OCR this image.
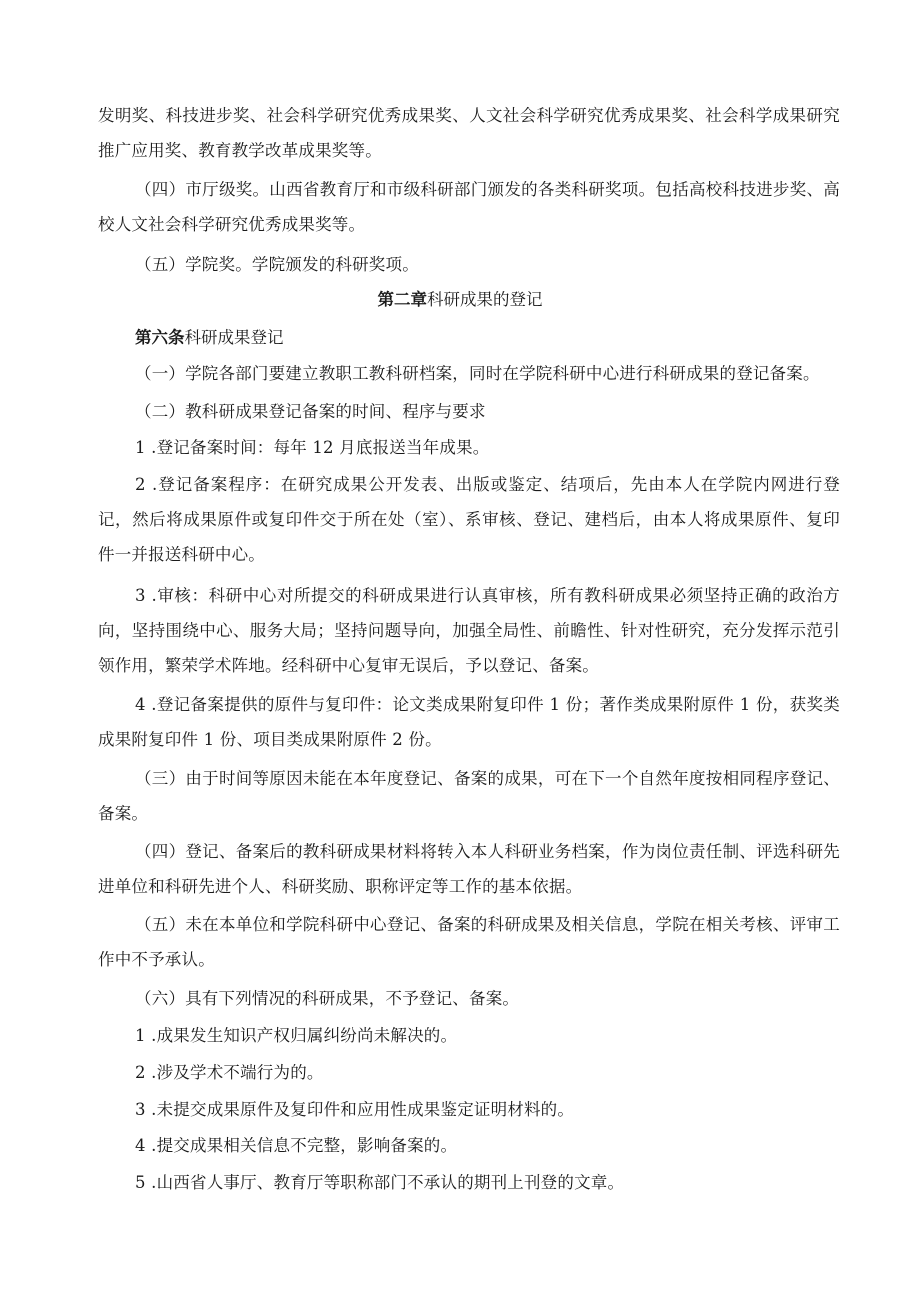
发明奖、科技进步奖、社会科学研究优秀成果奖、人文社会科学研究优秀成果奖、社会科学成果研究推广应用奖、教育教学改革成果奖等。

（四）市厅级奖。山西省教育厅和市级科研部门颁发的各类科研奖项。包括高校科技进步奖、高校人文社会科学研究优秀成果奖等。

（五）学院奖。学院颁发的科研奖项。

第二章科研成果的登记

第六条科研成果登记

（一）学院各部门要建立教职工教科研档案，同时在学院科研中心进行科研成果的登记备案。

（二）教科研成果登记备案的时间、程序与要求

1 .登记备案时间：每年 12 月底报送当年成果。

2 .登记备案程序：在研究成果公开发表、出版或鉴定、结项后，先由本人在学院内网进行登记，然后将成果原件或复印件交于所在处（室）、系审核、登记、建档后，由本人将成果原件、复印件一并报送科研中心。

3 .审核：科研中心对所提交的科研成果进行认真审核，所有教科研成果必须坚持正确的政治方向，坚持围绕中心、服务大局；坚持问题导向，加强全局性、前瞻性、针对性研究，充分发挥示范引领作用，繁荣学术阵地。经科研中心复审无误后，予以登记、备案。

4 .登记备案提供的原件与复印件：论文类成果附复印件 1 份；著作类成果附原件 1 份，获奖类成果附复印件 1 份、项目类成果附原件 2 份。

（三）由于时间等原因未能在本年度登记、备案的成果，可在下一个自然年度按相同程序登记、备案。

（四）登记、备案后的教科研成果材料将转入本人科研业务档案，作为岗位责任制、评选科研先进单位和科研先进个人、科研奖励、职称评定等工作的基本依据。

（五）未在本单位和学院科研中心登记、备案的科研成果及相关信息，学院在相关考核、评审工作中不予承认。

（六）具有下列情况的科研成果，不予登记、备案。

1 .成果发生知识产权归属纠纷尚未解决的。

2 .涉及学术不端行为的。

3 .未提交成果原件及复印件和应用性成果鉴定证明材料的。

4 .提交成果相关信息不完整，影响备案的。

5 .山西省人事厅、教育厅等职称部门不承认的期刊上刊登的文章。
